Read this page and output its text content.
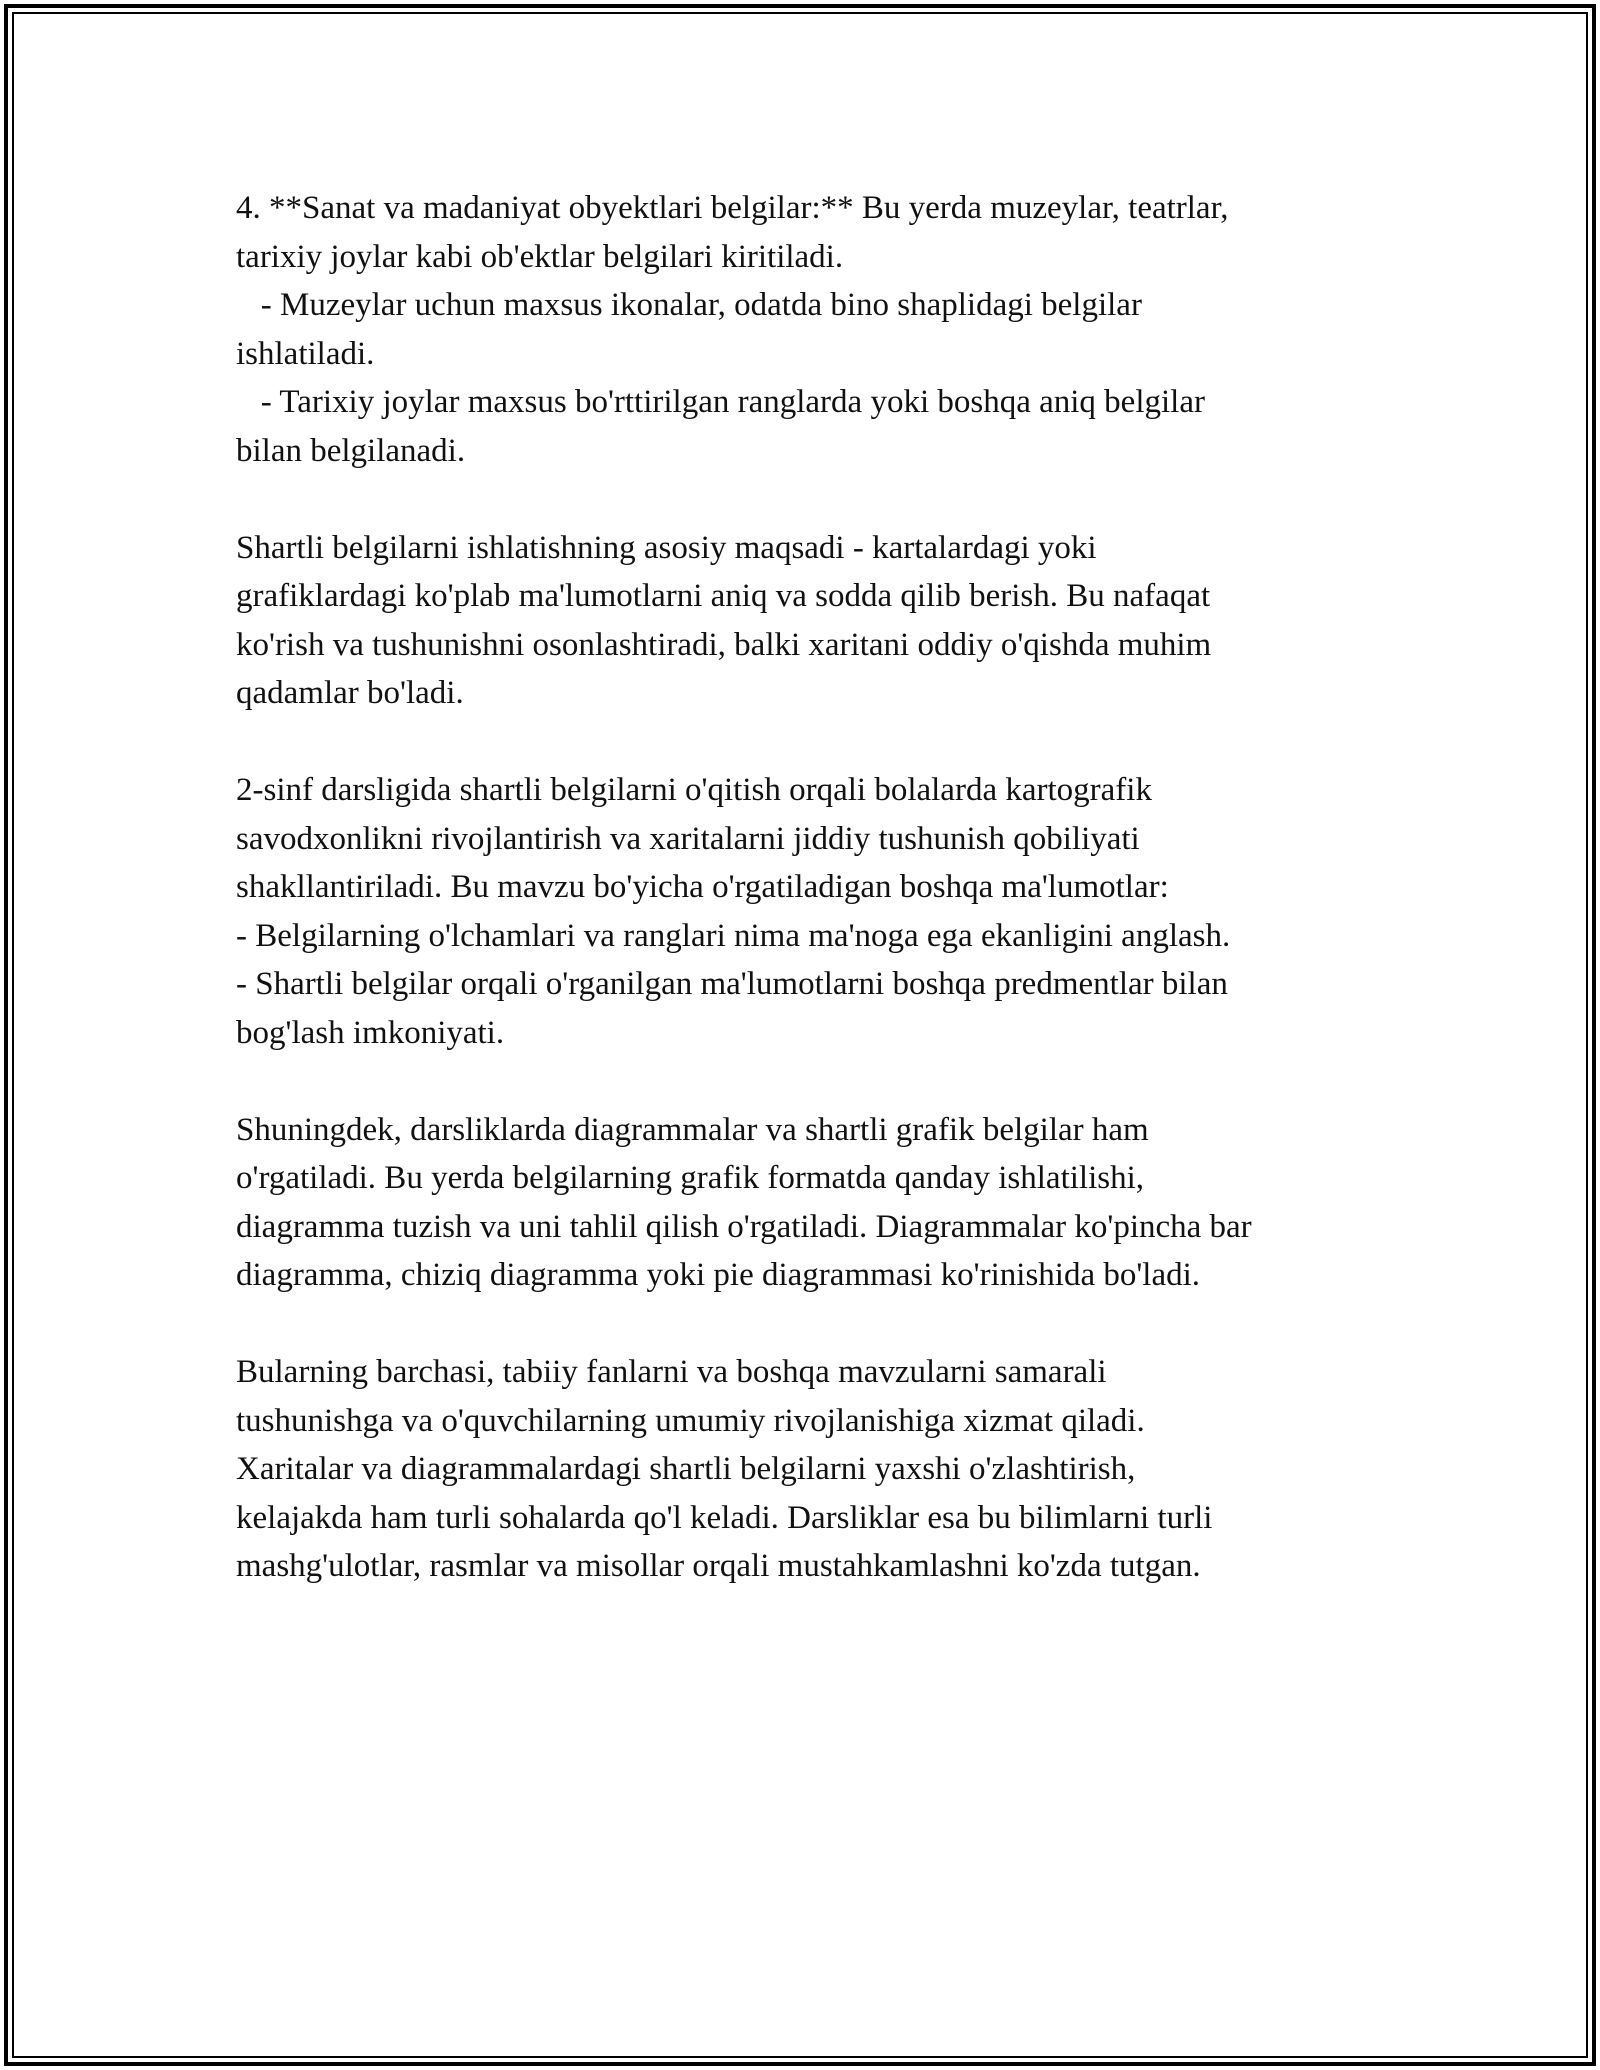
4. **Sanat va madaniyat obyektlari belgilar:** Bu yerda muzeylar, teatrlar,
tarixiy joylar kabi ob'ektlar belgilari kiritiladi.
- Muzeylar uchun maxsus ikonalar, odatda bino shaplidagi belgilar
ishlatiladi.
- Tarixiy joylar maxsus bo'rttirilgan ranglarda yoki boshqa aniq belgilar
bilan belgilanadi.
Shartli belgilarni ishlatishning asosiy maqsadi - kartalardagi yoki
grafiklardagi ko'plab ma'lumotlarni aniq va sodda qilib berish. Bu nafaqat
ko'rish va tushunishni osonlashtiradi, balki xaritani oddiy o'qishda muhim
qadamlar bo'ladi.
2-sinf darsligida shartli belgilarni o'qitish orqali bolalarda kartografik
savodxonlikni rivojlantirish va xaritalarni jiddiy tushunish qobiliyati
shakllantiriladi. Bu mavzu bo'yicha o'rgatiladigan boshqa ma'lumotlar:
- Belgilarning o'lchamlari va ranglari nima ma'noga ega ekanligini anglash.
- Shartli belgilar orqali o'rganilgan ma'lumotlarni boshqa predmentlar bilan
bog'lash imkoniyati.
Shuningdek, darsliklarda diagrammalar va shartli grafik belgilar ham
o'rgatiladi. Bu yerda belgilarning grafik formatda qanday ishlatilishi,
diagramma tuzish va uni tahlil qilish o'rgatiladi. Diagrammalar ko'pincha bar
diagramma, chiziq diagramma yoki pie diagrammasi ko'rinishida bo'ladi.
Bularning barchasi, tabiiy fanlarni va boshqa mavzularni samarali
tushunishga va o'quvchilarning umumiy rivojlanishiga xizmat qiladi.
Xaritalar va diagrammalardagi shartli belgilarni yaxshi o'zlashtirish,
kelajakda ham turli sohalarda qo'l keladi. Darsliklar esa bu bilimlarni turli
mashg'ulotlar, rasmlar va misollar orqali mustahkamlashni ko'zda tutgan.
